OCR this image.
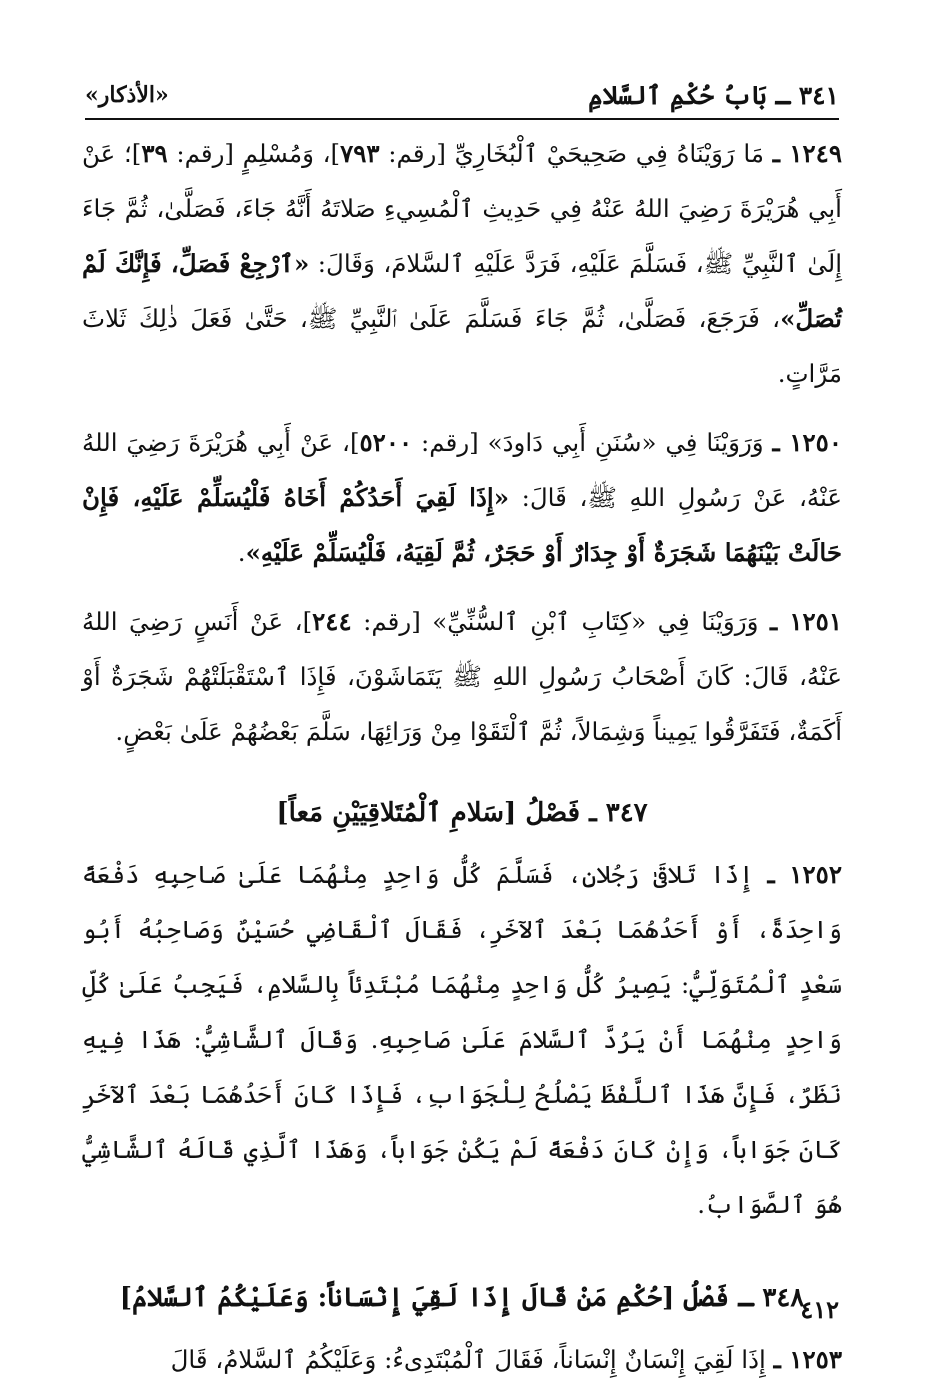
٣٤١ ـ بَابُ حُكْمِ ٱلسَّلامِ
«الأذكار»

١٢٤٩ ـ مَا رَوَيْنَاهُ فِي صَحِيحَيْ ٱلْبُخَارِيِّ [رقم: ٧٩٣]، وَمُسْلِمٍ [رقم: ٣٩]؛ عَنْ أَبِي هُرَيْرَةَ رَضِيَ اللهُ عَنْهُ فِي حَدِيثِ ٱلْمُسِيءِ صَلاتَهُ أَنَّهُ جَاءَ، فَصَلَّىٰ، ثُمَّ جَاءَ إِلَىٰ ٱلنَّبِيِّ ﷺ، فَسَلَّمَ عَلَيْهِ، فَرَدَّ عَلَيْهِ ٱلسَّلامَ، وَقَالَ: «ٱرْجِعْ فَصَلِّ، فَإِنَّكَ لَمْ تُصَلِّ»، فَرَجَعَ، فَصَلَّىٰ، ثُمَّ جَاءَ فَسَلَّمَ عَلَىٰ ٱلنَّبِيِّ ﷺ، حَتَّىٰ فَعَلَ ذٰلِكَ ثَلاثَ مَرَّاتٍ.

١٢٥٠ ـ وَرَوَيْنَا فِي «سُنَنِ أَبِي دَاودَ» [رقم: ٥٢٠٠]، عَنْ أَبِي هُرَيْرَةَ رَضِيَ اللهُ عَنْهُ، عَنْ رَسُولِ اللهِ ﷺ، قَالَ: «إِذَا لَقِيَ أَحَدُكُمْ أَخَاهُ فَلْيُسَلِّمْ عَلَيْهِ، فَإِنْ حَالَتْ بَيْنَهُمَا شَجَرَةٌ أَوْ جِدَارٌ أَوْ حَجَرٌ، ثُمَّ لَقِيَهُ، فَلْيُسَلِّمْ عَلَيْهِ».

١٢٥١ ـ وَرَوَيْنَا فِي «كِتَابِ ٱبْنِ ٱلسُّنِّيِّ» [رقم: ٢٤٤]، عَنْ أَنَسٍ رَضِيَ اللهُ عَنْهُ، قَالَ: كَانَ أَصْحَابُ رَسُولِ اللهِ ﷺ يَتَمَاشَوْنَ، فَإِذَا ٱسْتَقْبَلَتْهُمْ شَجَرَةٌ أَوْ أَكَمَةٌ، فَتَفَرَّقُوا يَمِيناً وَشِمَالاً، ثُمَّ ٱلْتَقَوْا مِنْ وَرَائِهَا، سَلَّمَ بَعْضُهُمْ عَلَىٰ بَعْضٍ.

٣٤٧ ـ فَصْلُ [سَلامِ ٱلْمُتَلاقِيَيْنِ مَعاً]

١٢٥٢ ـ إِذَا تَلاقَىٰ رَجُلانِ، فَسَلَّمَ كُلُّ وَاحِدٍ مِنْهُمَا عَلَىٰ صَاحِبِهِ دَفْعَةً وَاحِدَةً، أَوْ أَحَدُهُمَا بَعْدَ ٱلآخَرِ، فَقَالَ ٱلْقَاضِي حُسَيْنٌ وَصَاحِبُهُ أَبُو سَعْدٍ ٱلْمُتَوَلِّيُّ: يَصِيرُ كُلُّ وَاحِدٍ مِنْهُمَا مُبْتَدِئاً بِالسَّلامِ، فَيَجِبُ عَلَىٰ كُلِّ وَاحِدٍ مِنْهُمَا أَنْ يَرُدَّ ٱلسَّلامَ عَلَىٰ صَاحِبِهِ. وَقَالَ ٱلشَّاشِيُّ: هَذَا فِيهِ نَظَرٌ، فَإِنَّ هَذَا ٱللَّفْظَ يَصْلُحُ لِلْجَوَابِ، فَإِذَا كَانَ أَحَدُهُمَا بَعْدَ ٱلآخَرِ كَانَ جَوَاباً، وَإِنْ كَانَ دَفْعَةً لَمْ يَكُنْ جَوَاباً، وَهَذَا ٱلَّذِي قَالَهُ ٱلشَّاشِيُّ هُوَ ٱلصَّوَابُ.

٣٤٨ ـ فَصْلُ [حُكْمِ مَنْ قَالَ إِذَا لَقِيَ إِنْسَاناً: وَعَلَيْكُمُ ٱلسَّلامُ]

١٢٥٣ ـ إِذَا لَقِيَ إِنْسَانٌ إِنْسَاناً، فَقَالَ ٱلْمُبْتَدِىءُ: وَعَلَيْكُمُ ٱلسَّلامُ، قَالَ

٤١٢
